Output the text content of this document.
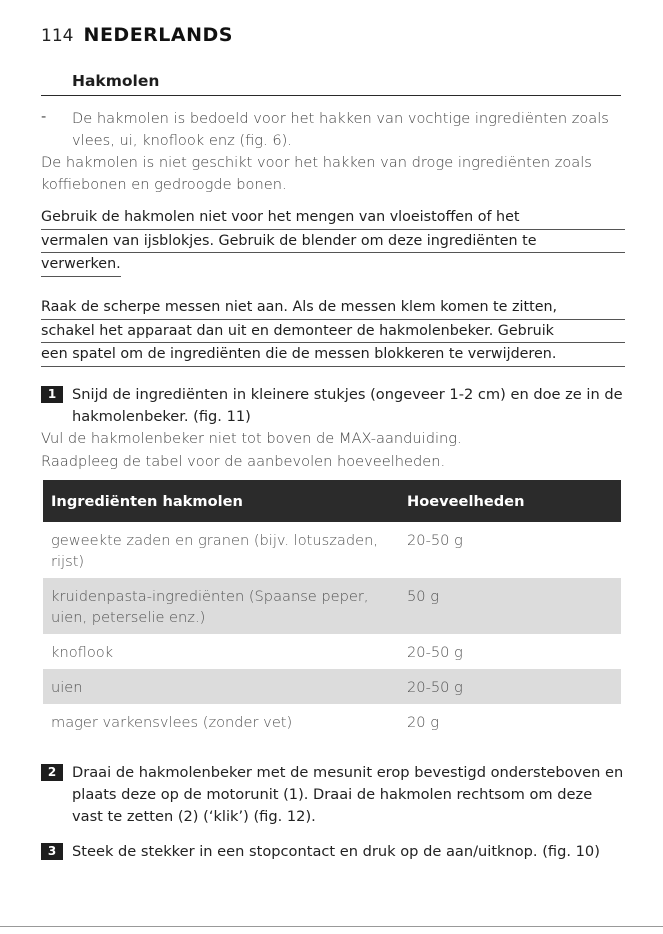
114 NEDERLANDS
Hakmolen
- De hakmolen is bedoeld voor het hakken van vochtige ingrediënten zoals vlees, ui, knoflook enz (fig. 6).
De hakmolen is niet geschikt voor het hakken van droge ingrediënten zoals koffiebonen en gedroogde bonen.
Gebruik de hakmolen niet voor het mengen van vloeistoffen of het
vermalen van ijsblokjes. Gebruik de blender om deze ingrediënten te
verwerken.
Raak de scherpe messen niet aan. Als de messen klem komen te zitten,
schakel het apparaat dan uit en demonteer de hakmolenbeker. Gebruik
een spatel om de ingrediënten die de messen blokkeren te verwijderen.
1	Snijd de ingrediënten in kleinere stukjes (ongeveer 1-2 cm) en doe ze in de hakmolenbeker. (fig. 11)
Vul de hakmolenbeker niet tot boven de MAX-aanduiding.
Raadpleeg de tabel voor de aanbevolen hoeveelheden.
Ingrediënten hakmolen	Hoeveelheden
geweekte zaden en granen (bijv. lotuszaden, rijst)	20-50 g
kruidenpasta-ingrediënten (Spaanse peper, uien, peterselie enz.)	50 g
knoflook	20-50 g
uien	20-50 g
mager varkensvlees (zonder vet)	20 g
2	Draai de hakmolenbeker met de mesunit erop bevestigd ondersteboven en plaats deze op de motorunit (1). Draai de hakmolen rechtsom om deze vast te zetten (2) (‘klik’) (fig. 12).
3	Steek de stekker in een stopcontact en druk op de aan/uitknop. (fig. 10)
